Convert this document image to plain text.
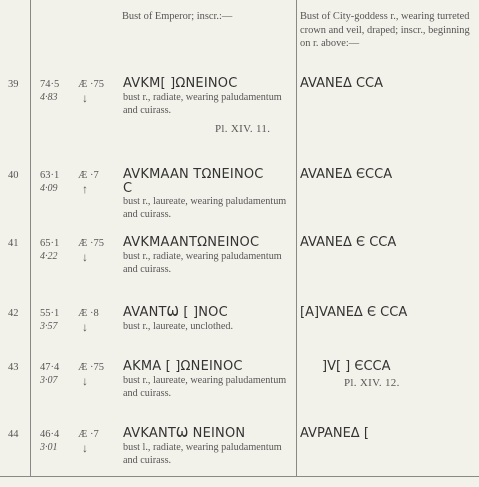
Bust of Emperor; inscr.:—	Bust of City-goddess r., wearing turreted crown and veil, draped; inscr., beginning on r. above:—
39 74·5
4·83
Æ ·75
↓
AVKM[ ]ΩNEINOC
bust r., radiate, wearing paludamentum and cuirass.
AVANEΔ CCA
Pl. XIV. 11.
40 63·1
4·09
Æ ·7
↑
AVKMAAN TΩNEINOC
C
bust r., laureate, wearing paludamentum and cuirass.
AVANEΔ ЄCCA
41 65·1
4·22
Æ ·75
↓
AVKMAANTΩNEINOC
bust r., radiate, wearing paludamentum and cuirass.
AVANEΔ Є CCA
42 55·1
3·57
Æ ·8
↓
AVANTѠ [ ]NOC
bust r., laureate, unclothed.
[A]VANEΔ Є CCA
43 47·4
3·07
Æ ·75
↓
AKMA [ ]ΩNEINOC
bust r., laureate, wearing paludamentum and cuirass.
]V[ ] ЄCCA
Pl. XIV. 12.
44 46·4
3·01
Æ ·7
↓
AVKANTѠ NEINON
bust l., radiate, wearing paludamentum and cuirass.
AVPANEΔ [
